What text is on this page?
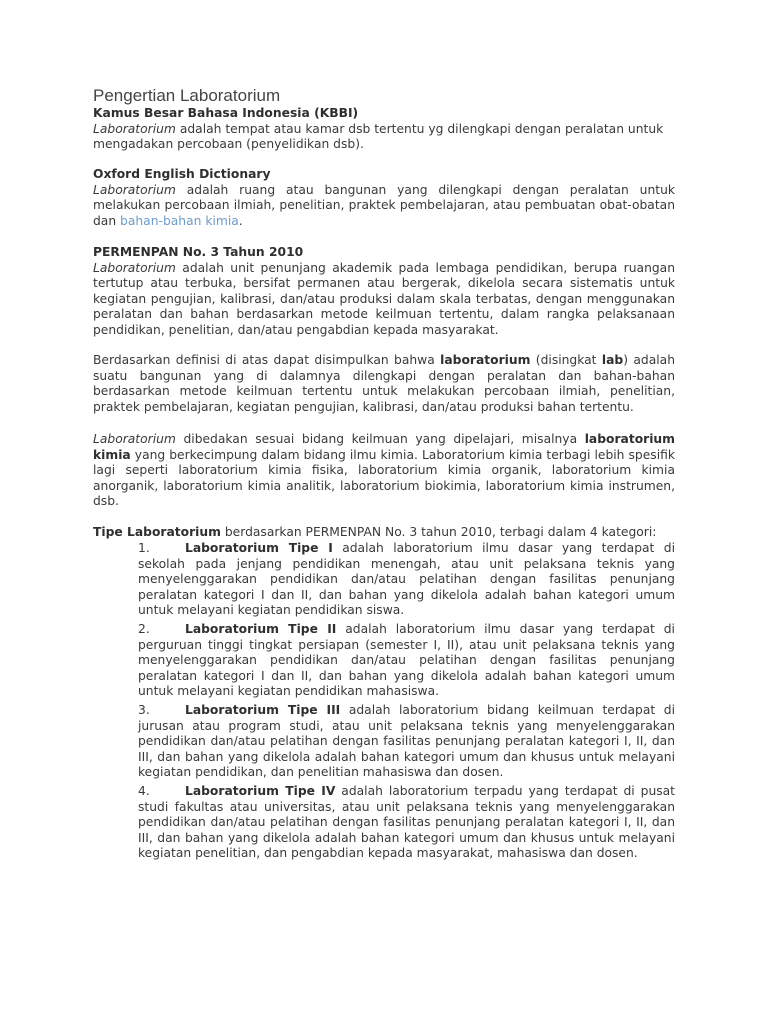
Pengertian Laboratorium
Kamus Besar Bahasa Indonesia (KBBI)
Laboratorium adalah tempat atau kamar dsb tertentu yg dilengkapi dengan peralatan untuk mengadakan percobaan (penyelidikan dsb).
Oxford English Dictionary
Laboratorium adalah ruang atau bangunan yang dilengkapi dengan peralatan untuk melakukan percobaan ilmiah, penelitian, praktek pembelajaran, atau pembuatan obat-obatan dan bahan-bahan kimia.
PERMENPAN No. 3 Tahun 2010
Laboratorium adalah unit penunjang akademik pada lembaga pendidikan, berupa ruangan tertutup atau terbuka, bersifat permanen atau bergerak, dikelola secara sistematis untuk kegiatan pengujian, kalibrasi, dan/atau produksi dalam skala terbatas, dengan menggunakan peralatan dan bahan berdasarkan metode keilmuan tertentu, dalam rangka pelaksanaan pendidikan, penelitian, dan/atau pengabdian kepada masyarakat.
Berdasarkan definisi di atas dapat disimpulkan bahwa laboratorium (disingkat lab) adalah suatu bangunan yang di dalamnya dilengkapi dengan peralatan dan bahan-bahan berdasarkan metode keilmuan tertentu untuk melakukan percobaan ilmiah, penelitian, praktek pembelajaran, kegiatan pengujian, kalibrasi, dan/atau produksi bahan tertentu.
Laboratorium dibedakan sesuai bidang keilmuan yang dipelajari, misalnya laboratorium kimia yang berkecimpung dalam bidang ilmu kimia. Laboratorium kimia terbagi lebih spesifik lagi seperti laboratorium kimia fisika, laboratorium kimia organik, laboratorium kimia anorganik, laboratorium kimia analitik, laboratorium biokimia, laboratorium kimia instrumen, dsb.
Tipe Laboratorium berdasarkan PERMENPAN No. 3 tahun 2010, terbagi dalam 4 kategori:
1.	Laboratorium Tipe I adalah laboratorium ilmu dasar yang terdapat di sekolah pada jenjang pendidikan menengah, atau unit pelaksana teknis yang menyelenggarakan pendidikan dan/atau pelatihan dengan fasilitas penunjang peralatan kategori I dan II, dan bahan yang dikelola adalah bahan kategori umum untuk melayani kegiatan pendidikan siswa.
2.	Laboratorium Tipe II adalah laboratorium ilmu dasar yang terdapat di perguruan tinggi tingkat persiapan (semester I, II), atau unit pelaksana teknis yang menyelenggarakan pendidikan dan/atau pelatihan dengan fasilitas penunjang peralatan kategori I dan II, dan bahan yang dikelola adalah bahan kategori umum untuk melayani kegiatan pendidikan mahasiswa.
3.	Laboratorium Tipe III adalah laboratorium bidang keilmuan terdapat di jurusan atau program studi, atau unit pelaksana teknis yang menyelenggarakan pendidikan dan/atau pelatihan dengan fasilitas penunjang peralatan kategori I, II, dan III, dan bahan yang dikelola adalah bahan kategori umum dan khusus untuk melayani kegiatan pendidikan, dan penelitian mahasiswa dan dosen.
4.	Laboratorium Tipe IV adalah laboratorium terpadu yang terdapat di pusat studi fakultas atau universitas, atau unit pelaksana teknis yang menyelenggarakan pendidikan dan/atau pelatihan dengan fasilitas penunjang peralatan kategori I, II, dan III, dan bahan yang dikelola adalah bahan kategori umum dan khusus untuk melayani kegiatan penelitian, dan pengabdian kepada masyarakat, mahasiswa dan dosen.
